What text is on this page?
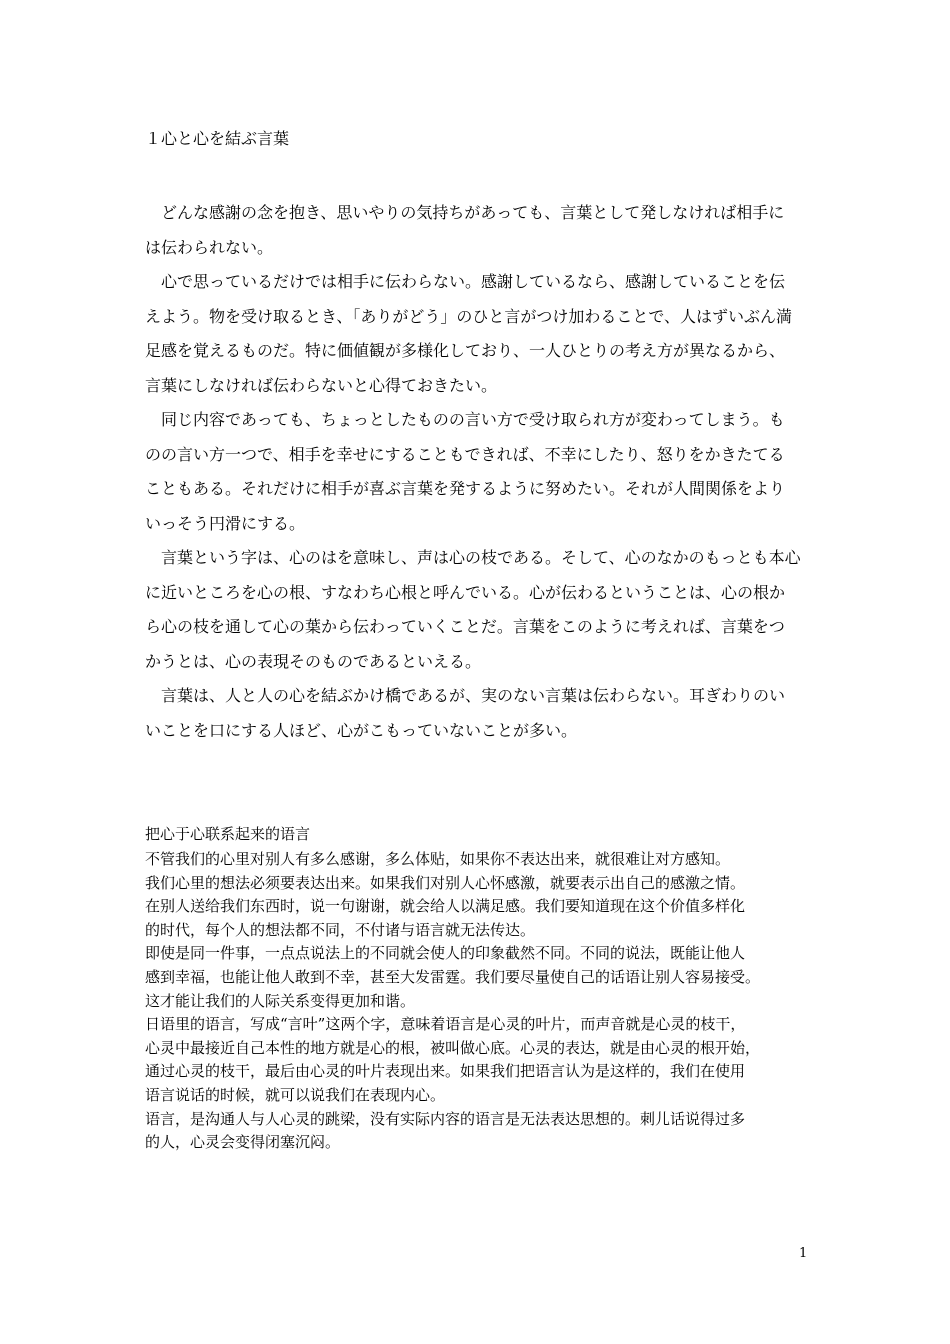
１心と心を結ぶ言葉
　どんな感謝の念を抱き、思いやりの気持ちがあっても、言葉として発しなければ相手に
は伝わられない。
　心で思っているだけでは相手に伝わらない。感謝しているなら、感謝していることを伝
えよう。物を受け取るとき、「ありがどう」のひと言がつけ加わることで、人はずいぶん満
足感を覚えるものだ。特に価値観が多様化しており、一人ひとりの考え方が異なるから、
言葉にしなければ伝わらないと心得ておきたい。
　同じ内容であっても、ちょっとしたものの言い方で受け取られ方が変わってしまう。も
のの言い方一つで、相手を幸せにすることもできれば、不幸にしたり、怒りをかきたてる
こともある。それだけに相手が喜ぶ言葉を発するように努めたい。それが人間関係をより
いっそう円滑にする。
　言葉という字は、心のはを意味し、声は心の枝である。そして、心のなかのもっとも本心
に近いところを心の根、すなわち心根と呼んでいる。心が伝わるということは、心の根か
ら心の枝を通して心の葉から伝わっていくことだ。言葉をこのように考えれば、言葉をつ
かうとは、心の表現そのものであるといえる。
　言葉は、人と人の心を結ぶかけ橋であるが、実のない言葉は伝わらない。耳ぎわりのい
いことを口にする人ほど、心がこもっていないことが多い。
把心于心联系起来的语言
不管我们的心里对别人有多么感谢，多么体贴，如果你不表达出来，就很难让对方感知。
我们心里的想法必须要表达出来。如果我们对别人心怀感激，就要表示出自己的感激之情。
在别人送给我们东西时，说一句谢谢，就会给人以满足感。我们要知道现在这个价值多样化
的时代，每个人的想法都不同，不付诸与语言就无法传达。
即使是同一件事，一点点说法上的不同就会使人的印象截然不同。不同的说法，既能让他人
感到幸福，也能让他人敢到不幸，甚至大发雷霆。我们要尽量使自己的话语让别人容易接受。
这才能让我们的人际关系变得更加和谐。
日语里的语言，写成“言叶”这两个字，意味着语言是心灵的叶片，而声音就是心灵的枝干，
心灵中最接近自己本性的地方就是心的根，被叫做心底。心灵的表达，就是由心灵的根开始，
通过心灵的枝干，最后由心灵的叶片表现出来。如果我们把语言认为是这样的，我们在使用
语言说话的时候，就可以说我们在表现内心。
语言，是沟通人与人心灵的跳梁，没有实际内容的语言是无法表达思想的。刺儿话说得过多
的人，心灵会变得闭塞沉闷。
1
